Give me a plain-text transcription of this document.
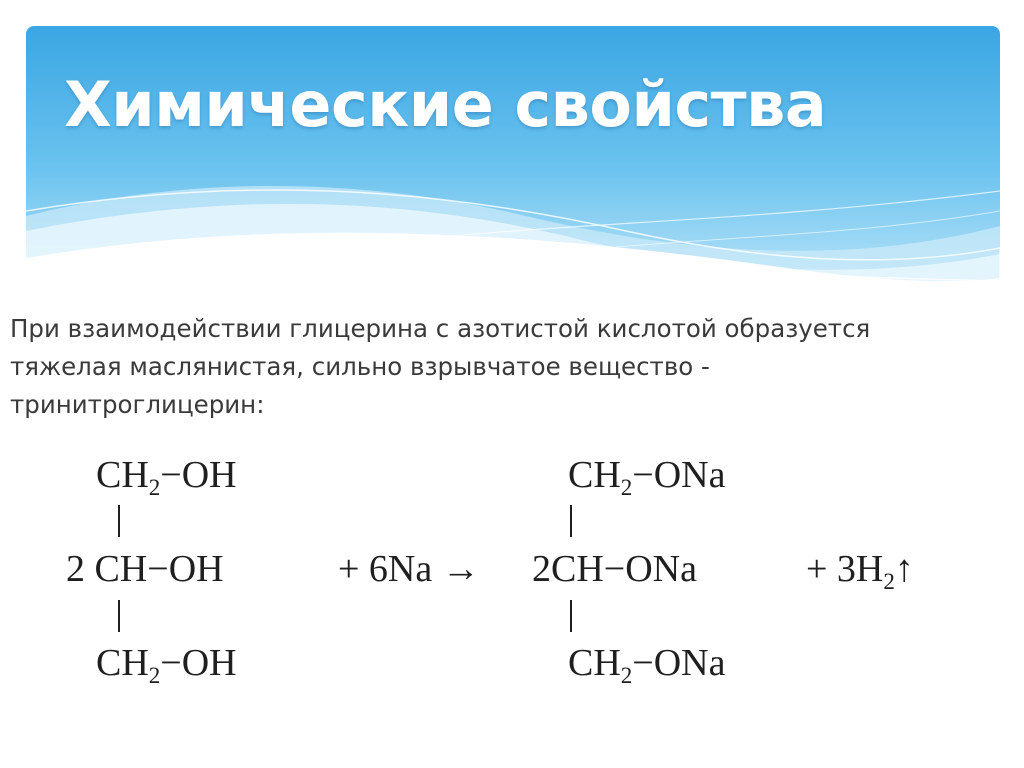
Химические свойства

При взаимодействии глицерина с азотистой кислотой образуется
тяжелая маслянистая, сильно взрывчатое вещество -
тринитроглицерин:

$CH_2-OH$
2 CH−OH
$CH_2-OH$
+ 6Na →
$CH_2-ONa$
2CH−ONa
$CH_2-ONa$
+ $3H_2↑$
